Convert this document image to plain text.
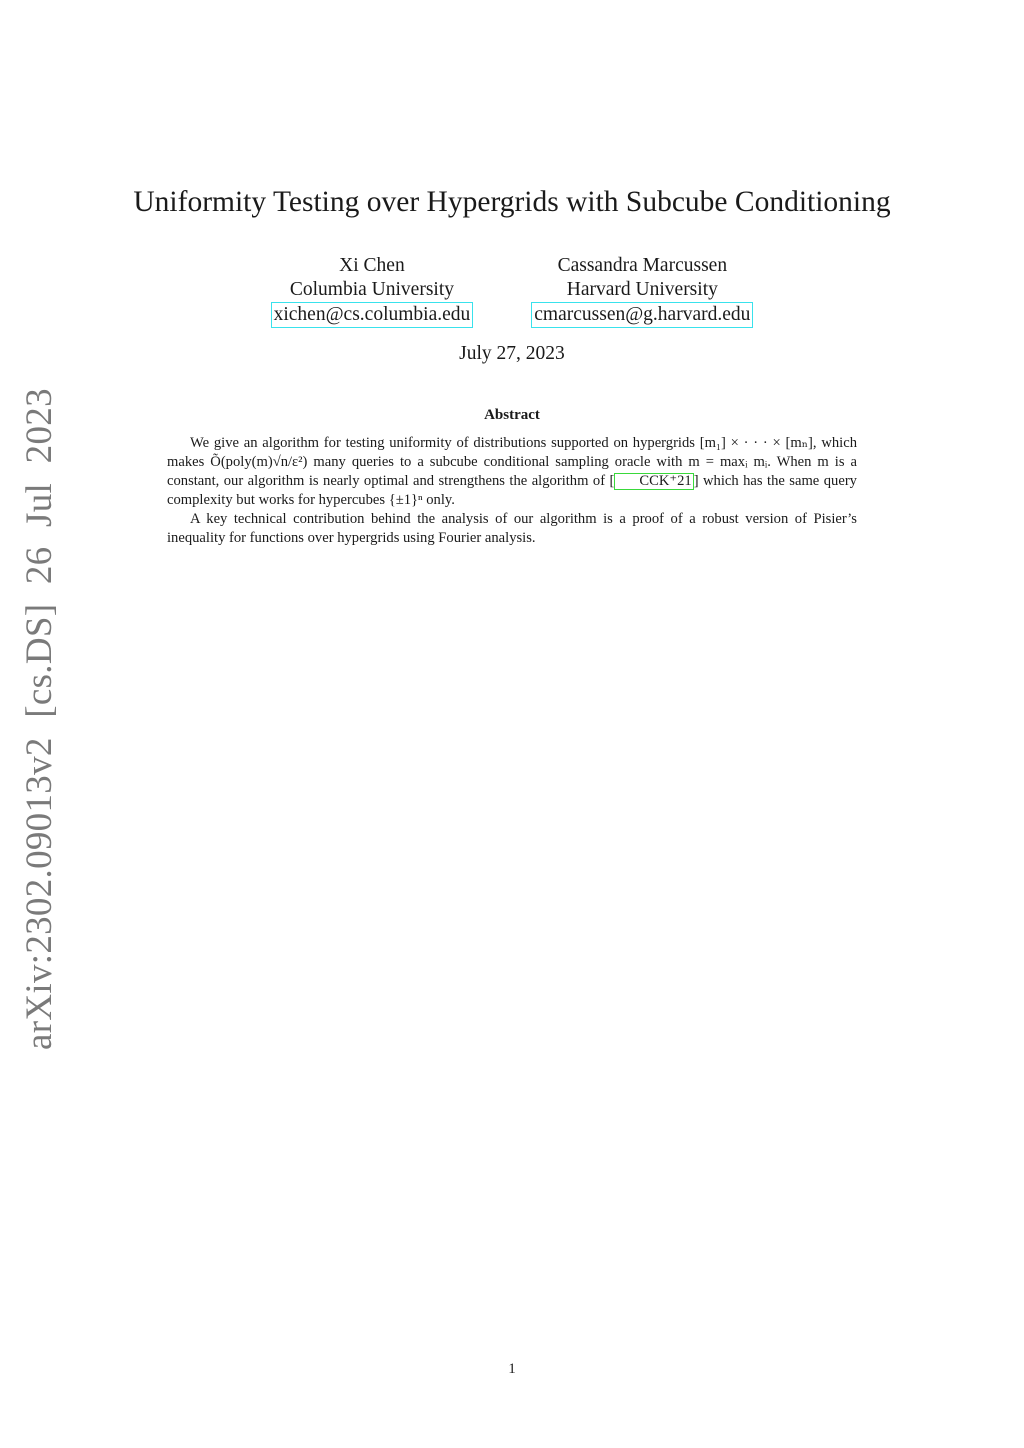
arXiv:2302.09013v2 [cs.DS] 26 Jul 2023
Uniformity Testing over Hypergrids with Subcube Conditioning
Xi Chen
Columbia University
xichen@cs.columbia.edu
Cassandra Marcussen
Harvard University
cmarcussen@g.harvard.edu
July 27, 2023
Abstract

We give an algorithm for testing uniformity of distributions supported on hypergrids [m₁] × · · · × [mₙ], which makes Õ(poly(m)√n/ε²) many queries to a subcube conditional sampling oracle with m = maxᵢ mᵢ. When m is a constant, our algorithm is nearly optimal and strengthens the algorithm of [ CCK⁺21 ] which has the same query complexity but works for hypercubes {±1}ⁿ only.

A key technical contribution behind the analysis of our algorithm is a proof of a robust version of Pisier’s inequality for functions over hypergrids using Fourier analysis.

1
